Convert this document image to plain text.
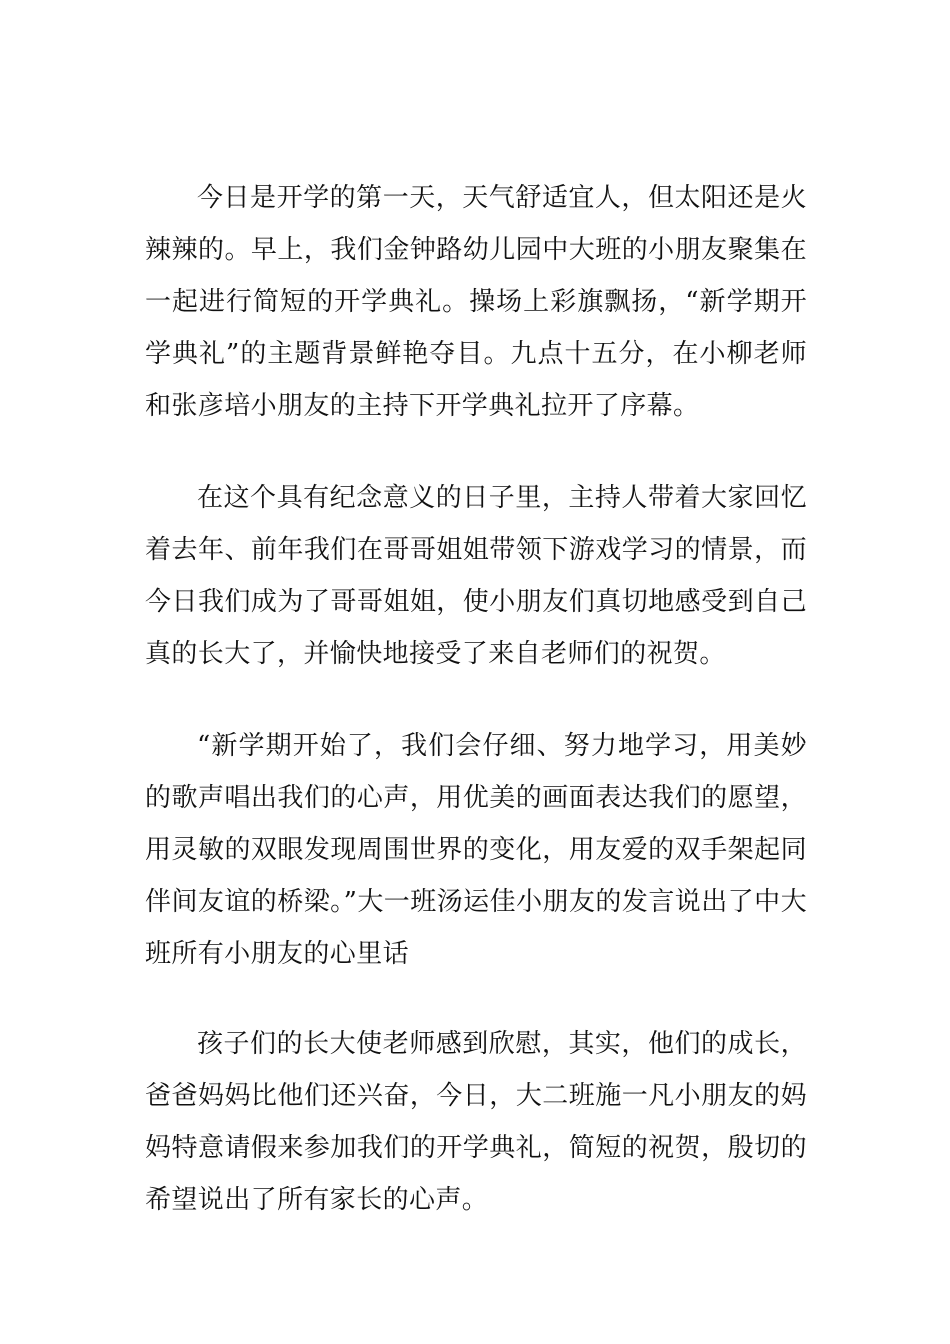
今日是开学的第一天，天气舒适宜人，但太阳还是火辣辣的。早上，我们金钟路幼儿园中大班的小朋友聚集在一起进行简短的开学典礼。操场上彩旗飘扬，“新学期开学典礼”的主题背景鲜艳夺目。九点十五分，在小柳老师和张彦培小朋友的主持下开学典礼拉开了序幕。

在这个具有纪念意义的日子里，主持人带着大家回忆着去年、前年我们在哥哥姐姐带领下游戏学习的情景，而今日我们成为了哥哥姐姐，使小朋友们真切地感受到自己真的长大了，并愉快地接受了来自老师们的祝贺。

“新学期开始了，我们会仔细、努力地学习，用美妙的歌声唱出我们的心声，用优美的画面表达我们的愿望，用灵敏的双眼发现周围世界的变化，用友爱的双手架起同伴间友谊的桥梁。”大一班汤运佳小朋友的发言说出了中大班所有小朋友的心里话

孩子们的长大使老师感到欣慰，其实，他们的成长，爸爸妈妈比他们还兴奋，今日，大二班施一凡小朋友的妈妈特意请假来参加我们的开学典礼，简短的祝贺，殷切的希望说出了所有家长的心声。
